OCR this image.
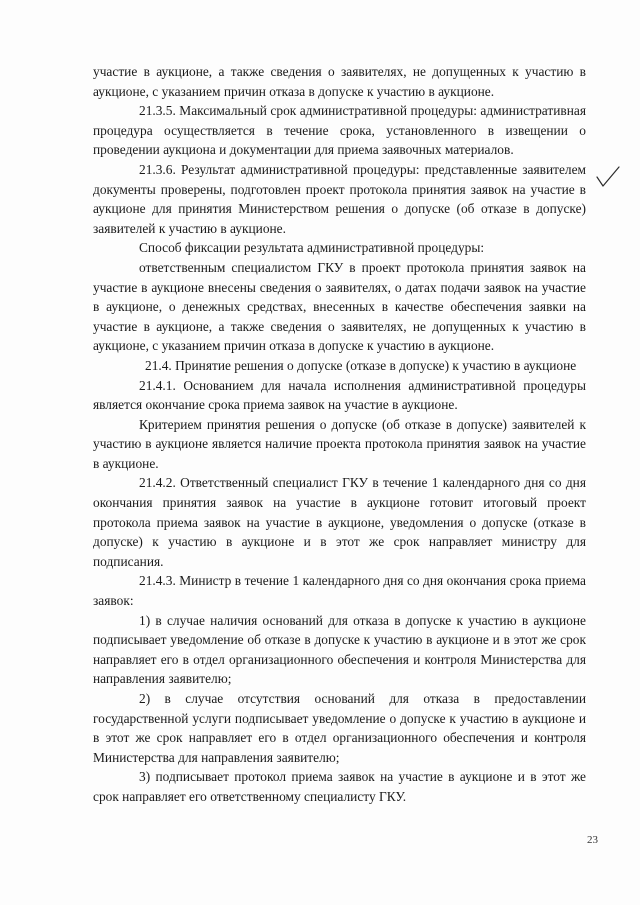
участие в аукционе, а также сведения о заявителях, не допущенных к участию в аукционе, с указанием причин отказа в допуске к участию в аукционе.

21.3.5. Максимальный срок административной процедуры: административная процедура осуществляется в течение срока, установленного в извещении о проведении аукциона и документации для приема заявочных материалов.

21.3.6. Результат административной процедуры: представленные заявителем документы проверены, подготовлен проект протокола принятия заявок на участие в аукционе для принятия Министерством решения о допуске (об отказе в допуске) заявителей к участию в аукционе.

Способ фиксации результата административной процедуры:

ответственным специалистом ГКУ в проект протокола принятия заявок на участие в аукционе внесены сведения о заявителях, о датах подачи заявок на участие в аукционе, о денежных средствах, внесенных в качестве обеспечения заявки на участие в аукционе, а также сведения о заявителях, не допущенных к участию в аукционе, с указанием причин отказа в допуске к участию в аукционе.

21.4. Принятие решения о допуске (отказе в допуске) к участию в аукционе

21.4.1. Основанием для начала исполнения административной процедуры является окончание срока приема заявок на участие в аукционе.

Критерием принятия решения о допуске (об отказе в допуске) заявителей к участию в аукционе является наличие проекта протокола принятия заявок на участие в аукционе.

21.4.2. Ответственный специалист ГКУ в течение 1 календарного дня со дня окончания принятия заявок на участие в аукционе готовит итоговый проект протокола приема заявок на участие в аукционе, уведомления о допуске (отказе в допуске) к участию в аукционе и в этот же срок направляет министру для подписания.

21.4.3. Министр в течение 1 календарного дня со дня окончания срока приема заявок:

1) в случае наличия оснований для отказа в допуске к участию в аукционе подписывает уведомление об отказе в допуске к участию в аукционе и в этот же срок направляет его в отдел организационного обеспечения и контроля Министерства для направления заявителю;

2) в случае отсутствия оснований для отказа в предоставлении государственной услуги подписывает уведомление о допуске к участию в аукционе и в этот же срок направляет его в отдел организационного обеспечения и контроля Министерства для направления заявителю;

3) подписывает протокол приема заявок на участие в аукционе и в этот же срок направляет его ответственному специалисту ГКУ.

23
